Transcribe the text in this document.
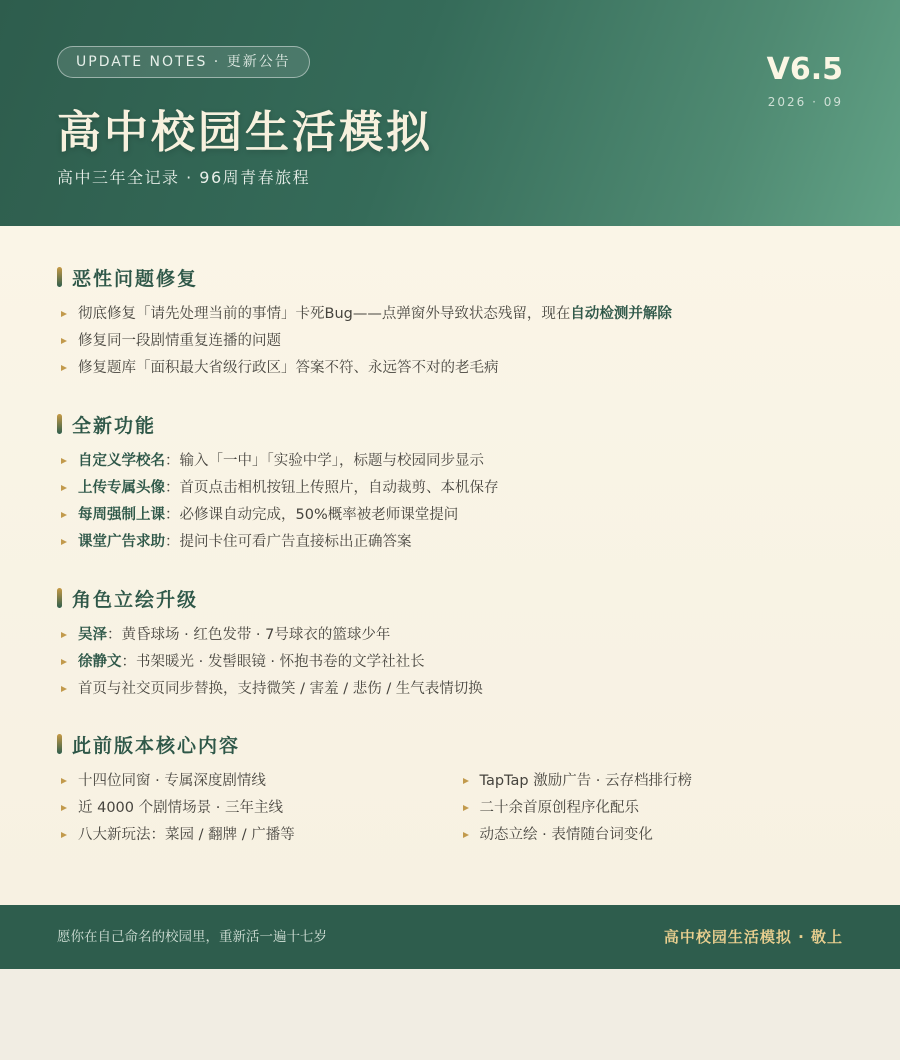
UPDATE NOTES · 更新公告
高中校园生活模拟
高中三年全记录 · 96周青春旅程
V6.5
2026 · 09
恶性问题修复
彻底修复「请先处理当前的事情」卡死Bug——点弹窗外导致状态残留，现在自动检测并解除
修复同一段剧情重复连播的问题
修复题库「面积最大省级行政区」答案不符、永远答不对的老毛病
全新功能
自定义学校名：输入「一中」「实验中学」，标题与校园同步显示
上传专属头像：首页点击相机按钮上传照片，自动裁剪、本机保存
每周强制上课：必修课自动完成，50%概率被老师课堂提问
课堂广告求助：提问卡住可看广告直接标出正确答案
角色立绘升级
吴泽：黄昏球场 · 红色发带 · 7号球衣的篮球少年
徐静文：书架暖光 · 发髻眼镜 · 怀抱书卷的文学社社长
首页与社交页同步替换，支持微笑 / 害羞 / 悲伤 / 生气表情切换
此前版本核心内容
十四位同窗 · 专属深度剧情线
近 4000 个剧情场景 · 三年主线
八大新玩法：菜园 / 翻牌 / 广播等
TapTap 激励广告 · 云存档排行榜
二十余首原创程序化配乐
动态立绘 · 表情随台词变化
愿你在自己命名的校园里，重新活一遍十七岁	高中校园生活模拟 · 敬上
